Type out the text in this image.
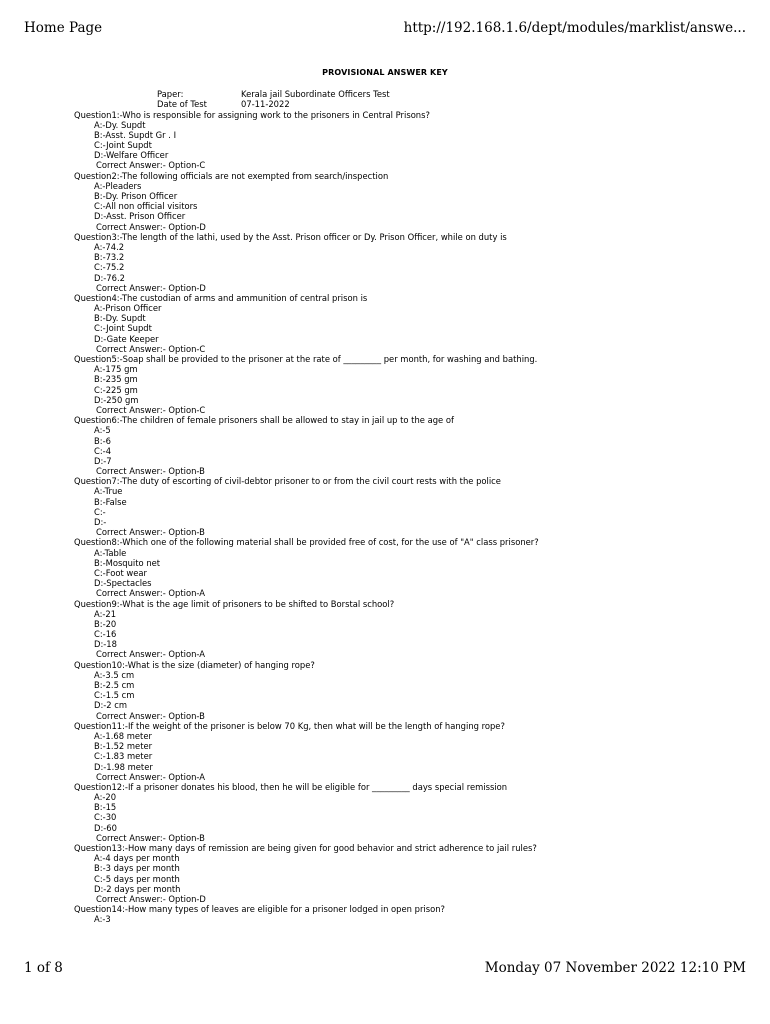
Home Page	http://192.168.1.6/dept/modules/marklist/answe...
PROVISIONAL ANSWER KEY
Paper:	Kerala jail Subordinate Officers Test
Date of Test	07-11-2022
Question1:-Who is responsible for assigning work to the prisoners in Central Prisons?
A:-Dy. Supdt
B:-Asst. Supdt Gr . I
C:-Joint Supdt
D:-Welfare Officer
Correct Answer:- Option-C
Question2:-The following officials are not exempted from search/inspection
A:-Pleaders
B:-Dy. Prison Officer
C:-All non official visitors
D:-Asst. Prison Officer
Correct Answer:- Option-D
Question3:-The length of the lathi, used by the Asst. Prison officer or Dy. Prison Officer, while on duty is
A:-74.2
B:-73.2
C:-75.2
D:-76.2
Correct Answer:- Option-D
Question4:-The custodian of arms and ammunition of central prison is
A:-Prison Officer
B:-Dy. Supdt
C:-Joint Supdt
D:-Gate Keeper
Correct Answer:- Option-C
Question5:-Soap shall be provided to the prisoner at the rate of _________ per month, for washing and bathing.
A:-175 gm
B:-235 gm
C:-225 gm
D:-250 gm
Correct Answer:- Option-C
Question6:-The children of female prisoners shall be allowed to stay in jail up to the age of
A:-5
B:-6
C:-4
D:-7
Correct Answer:- Option-B
Question7:-The duty of escorting of civil-debtor prisoner to or from the civil court rests with the police
A:-True
B:-False
C:-
D:-
Correct Answer:- Option-B
Question8:-Which one of the following material shall be provided free of cost, for the use of "A" class prisoner?
A:-Table
B:-Mosquito net
C:-Foot wear
D:-Spectacles
Correct Answer:- Option-A
Question9:-What is the age limit of prisoners to be shifted to Borstal school?
A:-21
B:-20
C:-16
D:-18
Correct Answer:- Option-A
Question10:-What is the size (diameter) of hanging rope?
A:-3.5 cm
B:-2.5 cm
C:-1.5 cm
D:-2 cm
Correct Answer:- Option-B
Question11:-If the weight of the prisoner is below 70 Kg, then what will be the length of hanging rope?
A:-1.68 meter
B:-1.52 meter
C:-1.83 meter
D:-1.98 meter
Correct Answer:- Option-A
Question12:-If a prisoner donates his blood, then he will be eligible for _________ days special remission
A:-20
B:-15
C:-30
D:-60
Correct Answer:- Option-B
Question13:-How many days of remission are being given for good behavior and strict adherence to jail rules?
A:-4 days per month
B:-3 days per month
C:-5 days per month
D:-2 days per month
Correct Answer:- Option-D
Question14:-How many types of leaves are eligible for a prisoner lodged in open prison?
A:-3
1 of 8	Monday 07 November 2022 12:10 PM
